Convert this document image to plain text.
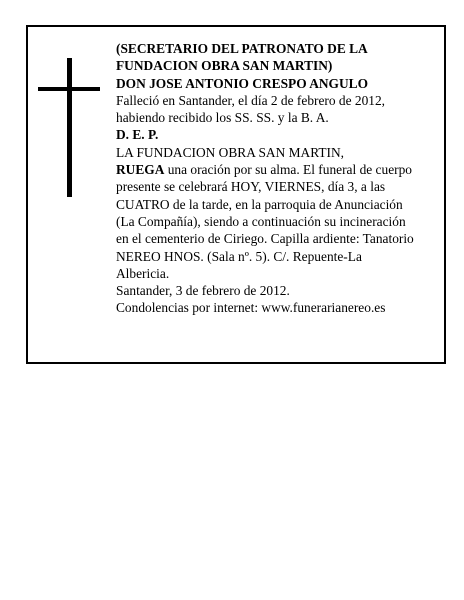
(SECRETARIO DEL PATRONATO DE LA
FUNDACION OBRA SAN MARTIN)
DON JOSE ANTONIO CRESPO ANGULO
Falleció en Santander, el día 2 de febrero de 2012,
habiendo recibido los SS. SS. y la B. A.
D. E. P.
LA FUNDACION OBRA SAN MARTIN,
RUEGA una oración por su alma. El funeral de cuerpo
presente se celebrará HOY, VIERNES, día 3, a las
CUATRO de la tarde, en la parroquia de Anunciación
(La Compañía), siendo a continuación su incineración
en el cementerio de Ciriego. Capilla ardiente: Tanatorio
NEREO HNOS. (Sala nº. 5). C/. Repuente-La
Albericia.
Santander, 3 de febrero de 2012.
Condolencias por internet: www.funerarianereo.es
